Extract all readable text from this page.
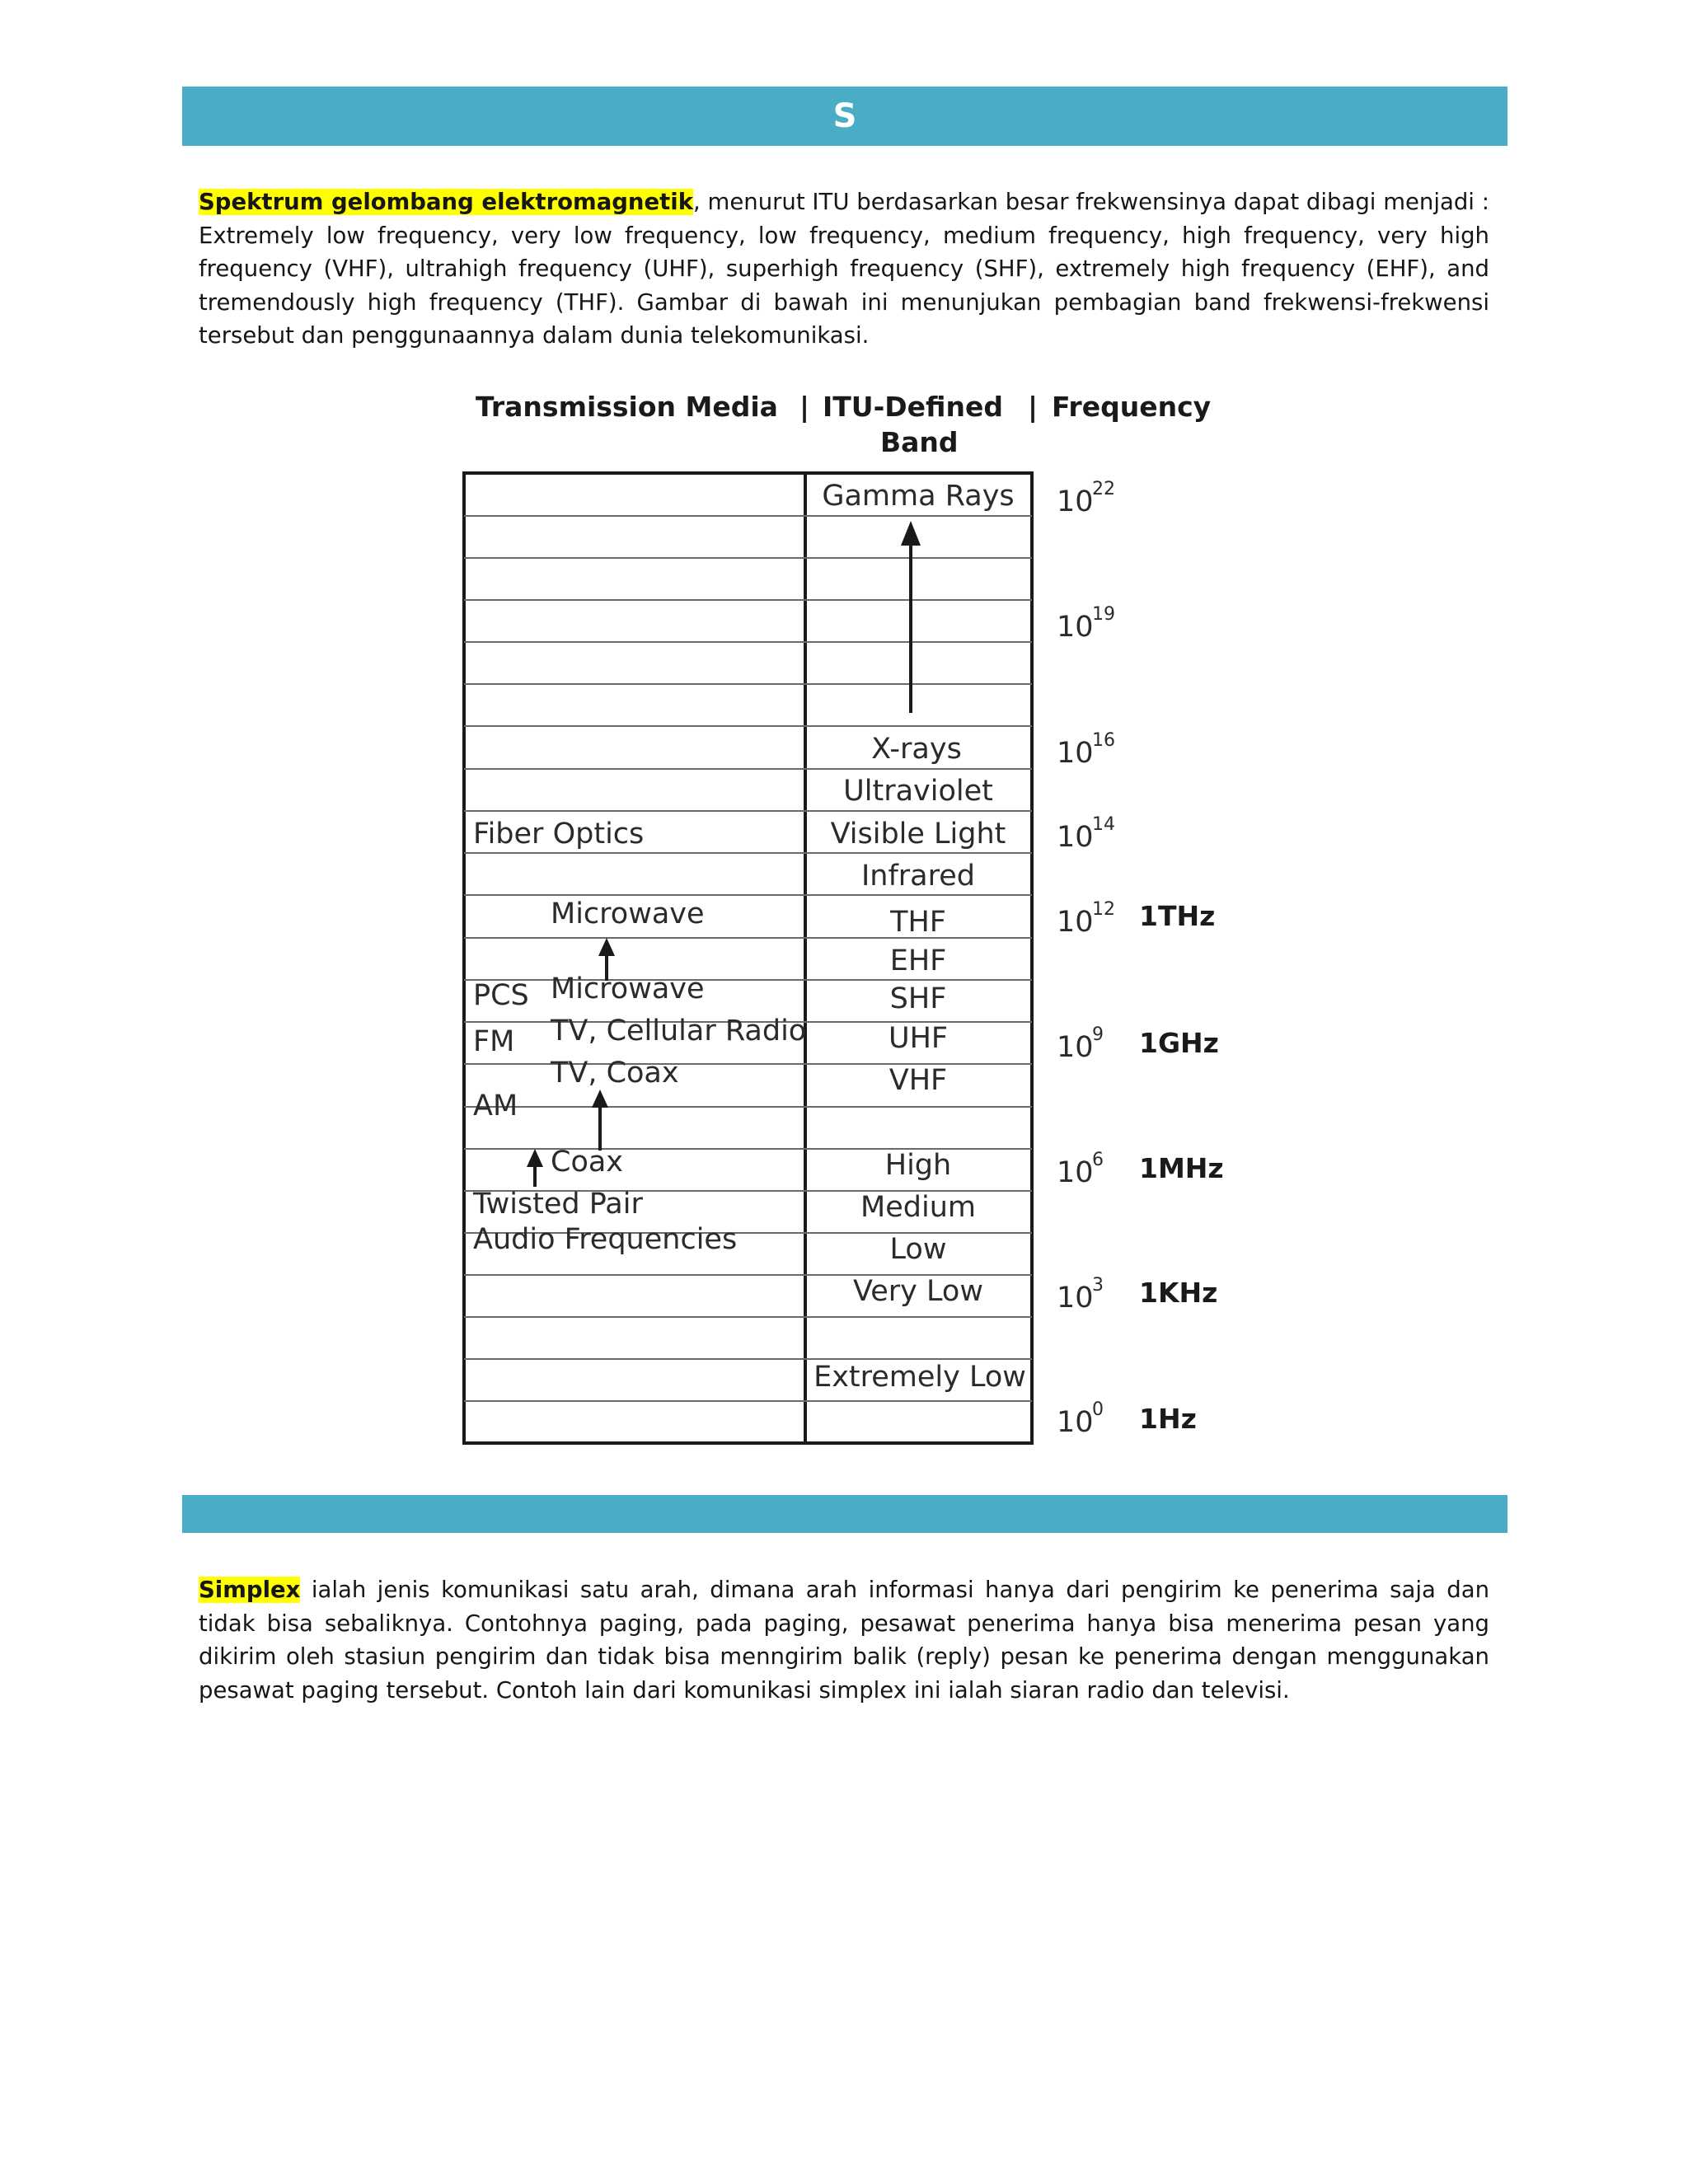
S

Spektrum gelombang elektromagnetik, menurut ITU berdasarkan besar frekwensinya dapat dibagi menjadi : Extremely low frequency, very low frequency, low frequency, medium frequency, high frequency, very high frequency (VHF), ultrahigh frequency (UHF), superhigh frequency (SHF), extremely high frequency (EHF), and tremendously high frequency (THF). Gambar di bawah ini menunjukan pembagian band frekwensi-frekwensi tersebut dan penggunaannya dalam dunia telekomunikasi.

Transmission Media | ITU-Defined
Band
| Frequency
Gamma Rays
X-rays
Ultraviolet
Visible Light
Infrared
THF
EHF
SHF
UHF
VHF
High
Medium
Low
Very Low
Extremely Low
Fiber Optics
Microwave
PCS Microwave
FM TV, Cellular Radio
TV, Coax
AM
Coax
Twisted Pair
Audio Frequencies
10
22
10
19
10
16
10
14
10
12 1THz
10
9 1GHz
10
6 1MHz
10
3 1KHz
10
0 1Hz

Simplex ialah jenis komunikasi satu arah, dimana arah informasi hanya dari pengirim ke penerima saja dan tidak bisa sebaliknya. Contohnya paging, pada paging, pesawat penerima hanya bisa menerima pesan yang dikirim oleh stasiun pengirim dan tidak bisa menngirim balik (reply) pesan ke penerima dengan menggunakan pesawat paging tersebut. Contoh lain dari komunikasi simplex ini ialah siaran radio dan televisi.
